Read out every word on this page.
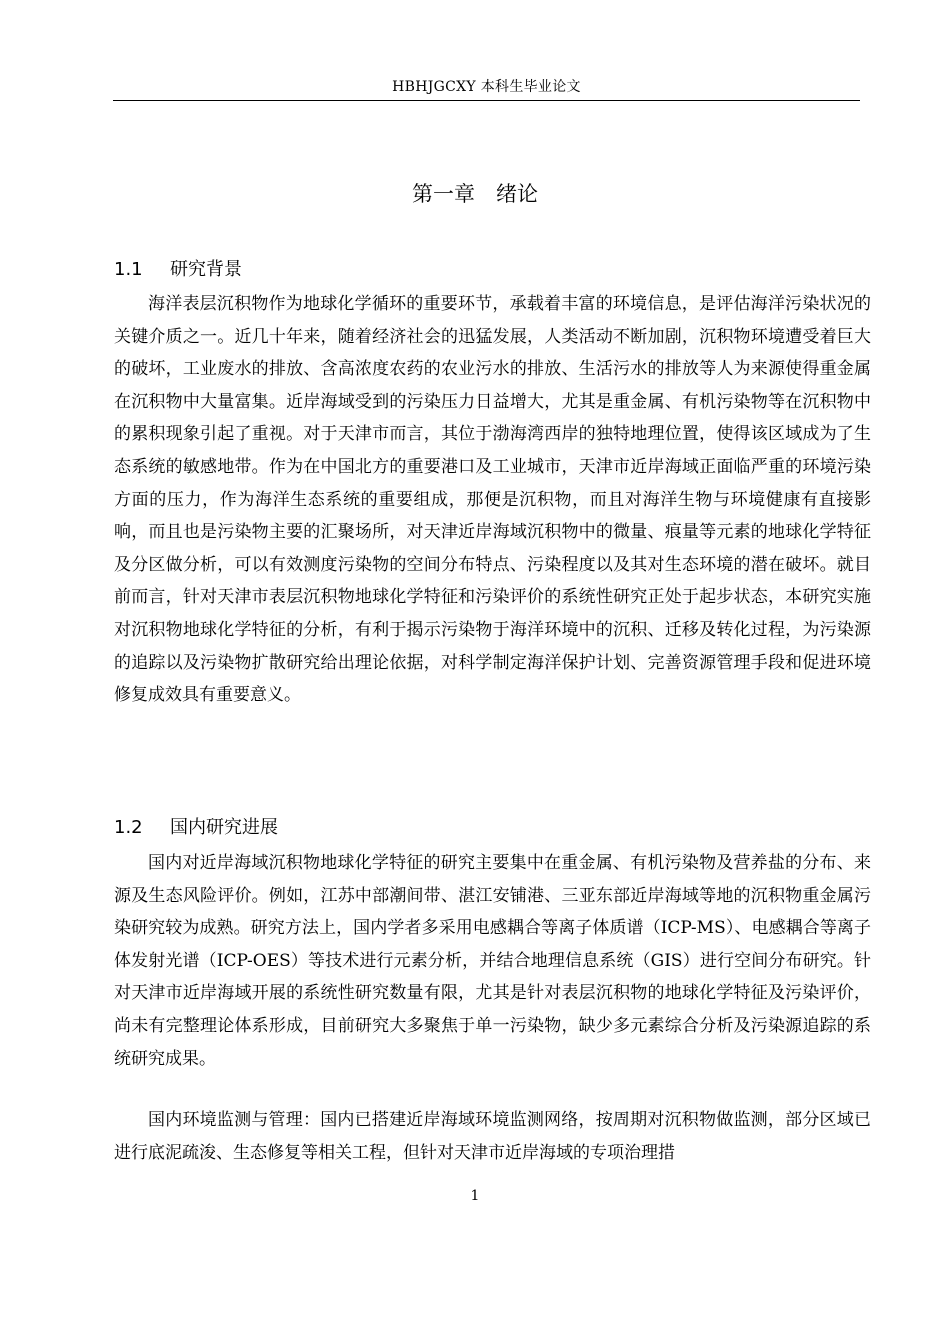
HBHJGCXY 本科生毕业论文
第一章　绪论
1.1 研究背景

海洋表层沉积物作为地球化学循环的重要环节，承载着丰富的环境信息，是评估海洋污染状况的关键介质之一。近几十年来，随着经济社会的迅猛发展，人类活动不断加剧，沉积物环境遭受着巨大的破坏，工业废水的排放、含高浓度农药的农业污水的排放、生活污水的排放等人为来源使得重金属在沉积物中大量富集。近岸海域受到的污染压力日益增大，尤其是重金属、有机污染物等在沉积物中的累积现象引起了重视。对于天津市而言，其位于渤海湾西岸的独特地理位置，使得该区域成为了生态系统的敏感地带。作为在中国北方的重要港口及工业城市，天津市近岸海域正面临严重的环境污染方面的压力，作为海洋生态系统的重要组成，那便是沉积物，而且对海洋生物与环境健康有直接影响，而且也是污染物主要的汇聚场所，对天津近岸海域沉积物中的微量、痕量等元素的地球化学特征及分区做分析，可以有效测度污染物的空间分布特点、污染程度以及其对生态环境的潜在破坏。就目前而言，针对天津市表层沉积物地球化学特征和污染评价的系统性研究正处于起步状态，本研究实施对沉积物地球化学特征的分析，有利于揭示污染物于海洋环境中的沉积、迁移及转化过程，为污染源的追踪以及污染物扩散研究给出理论依据，对科学制定海洋保护计划、完善资源管理手段和促进环境修复成效具有重要意义。

1.2 国内研究进展

国内对近岸海域沉积物地球化学特征的研究主要集中在重金属、有机污染物及营养盐的分布、来源及生态风险评价。例如，江苏中部潮间带、湛江安铺港、三亚东部近岸海域等地的沉积物重金属污染研究较为成熟。研究方法上，国内学者多采用电感耦合等离子体质谱（ICP-MS）、电感耦合等离子体发射光谱（ICP-OES）等技术进行元素分析，并结合地理信息系统（GIS）进行空间分布研究。针对天津市近岸海域开展的系统性研究数量有限，尤其是针对表层沉积物的地球化学特征及污染评价，尚未有完整理论体系形成，目前研究大多聚焦于单一污染物，缺少多元素综合分析及污染源追踪的系统研究成果。

国内环境监测与管理：国内已搭建近岸海域环境监测网络，按周期对沉积物做监测，部分区域已进行底泥疏浚、生态修复等相关工程，但针对天津市近岸海域的专项治理措

1
